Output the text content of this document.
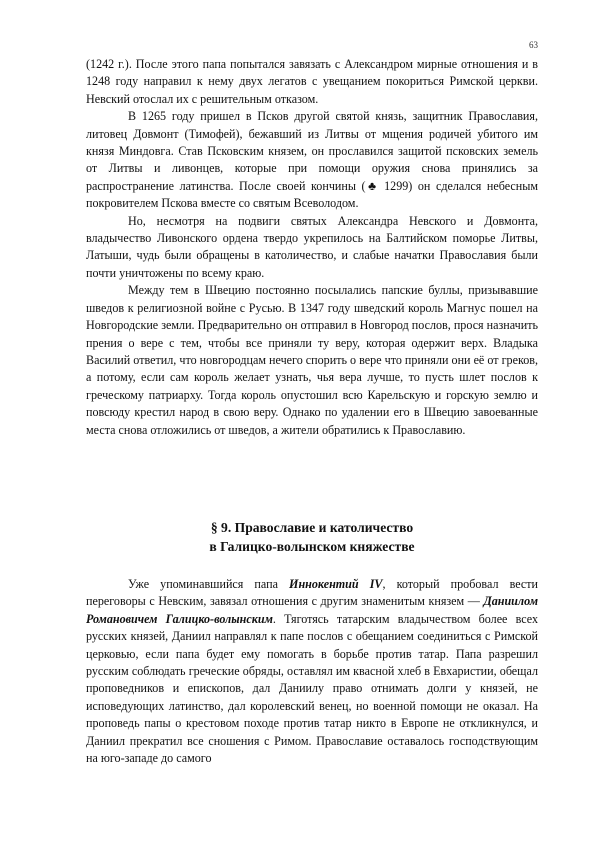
63

(1242 г.). После этого папа попытался завязать с Александром мирные отношения и в 1248 году направил к нему двух легатов с увещанием покориться Римской церкви. Невский отослал их с решительным отказом.

В 1265 году пришел в Псков другой святой князь, защитник Православия, литовец Довмонт (Тимофей), бежавший из Литвы от мщения родичей убитого им князя Миндовга. Став Псковским князем, он прославился защитой псковских земель от Литвы и ливонцев, которые при помощи оружия снова принялись за распространение латинства. После своей кончины (♣ 1299) он сделался небесным покровителем Пскова вместе со святым Всеволодом.

Но, несмотря на подвиги святых Александра Невского и Довмонта, владычество Ливонского ордена твердо укрепилось на Балтийском поморье Литвы, Латыши, чудь были обращены в католичество, и слабые начатки Православия были почти уничтожены по всему краю.

Между тем в Швецию постоянно посылались папские буллы, призывавшие шведов к религиозной войне с Русью. В 1347 году шведский король Магнус пошел на Новгородские земли. Предварительно он отправил в Новгород послов, прося назначить прения о вере с тем, чтобы все приняли ту веру, которая одержит верх. Владыка Василий ответил, что новгородцам нечего спорить о вере что приняли они её от греков, а потому, если сам король желает узнать, чья вера лучше, то пусть шлет послов к греческому патриарху. Тогда король опустошил всю Карельскую и горскую землю и повсюду крестил народ в свою веру. Однако по удалении его в Швецию завоеванные места снова отложились от шведов, а жители обратились к Православию.

§ 9. Православие и католичество
в Галицко-волынском княжестве

Уже упоминавшийся папа Иннокентий IV, который пробовал вести переговоры с Невским, завязал отношения с другим знаменитым князем — Даниилом Романовичем Галицко-волынским. Тяготясь татарским владычеством более всех русских князей, Даниил направлял к папе послов с обещанием соединиться с Римской церковью, если папа будет ему помогать в борьбе против татар. Папа разрешил русским соблюдать греческие обряды, оставлял им квасной хлеб в Евхаристии, обещал проповедников и епископов, дал Даниилу право отнимать долги у князей, не исповедующих латинство, дал королевский венец, но военной помощи не оказал. На проповедь папы о крестовом походе против татар никто в Европе не откликнулся, и Даниил прекратил все сношения с Римом. Православие оставалось господствующим на юго-западе до самого
